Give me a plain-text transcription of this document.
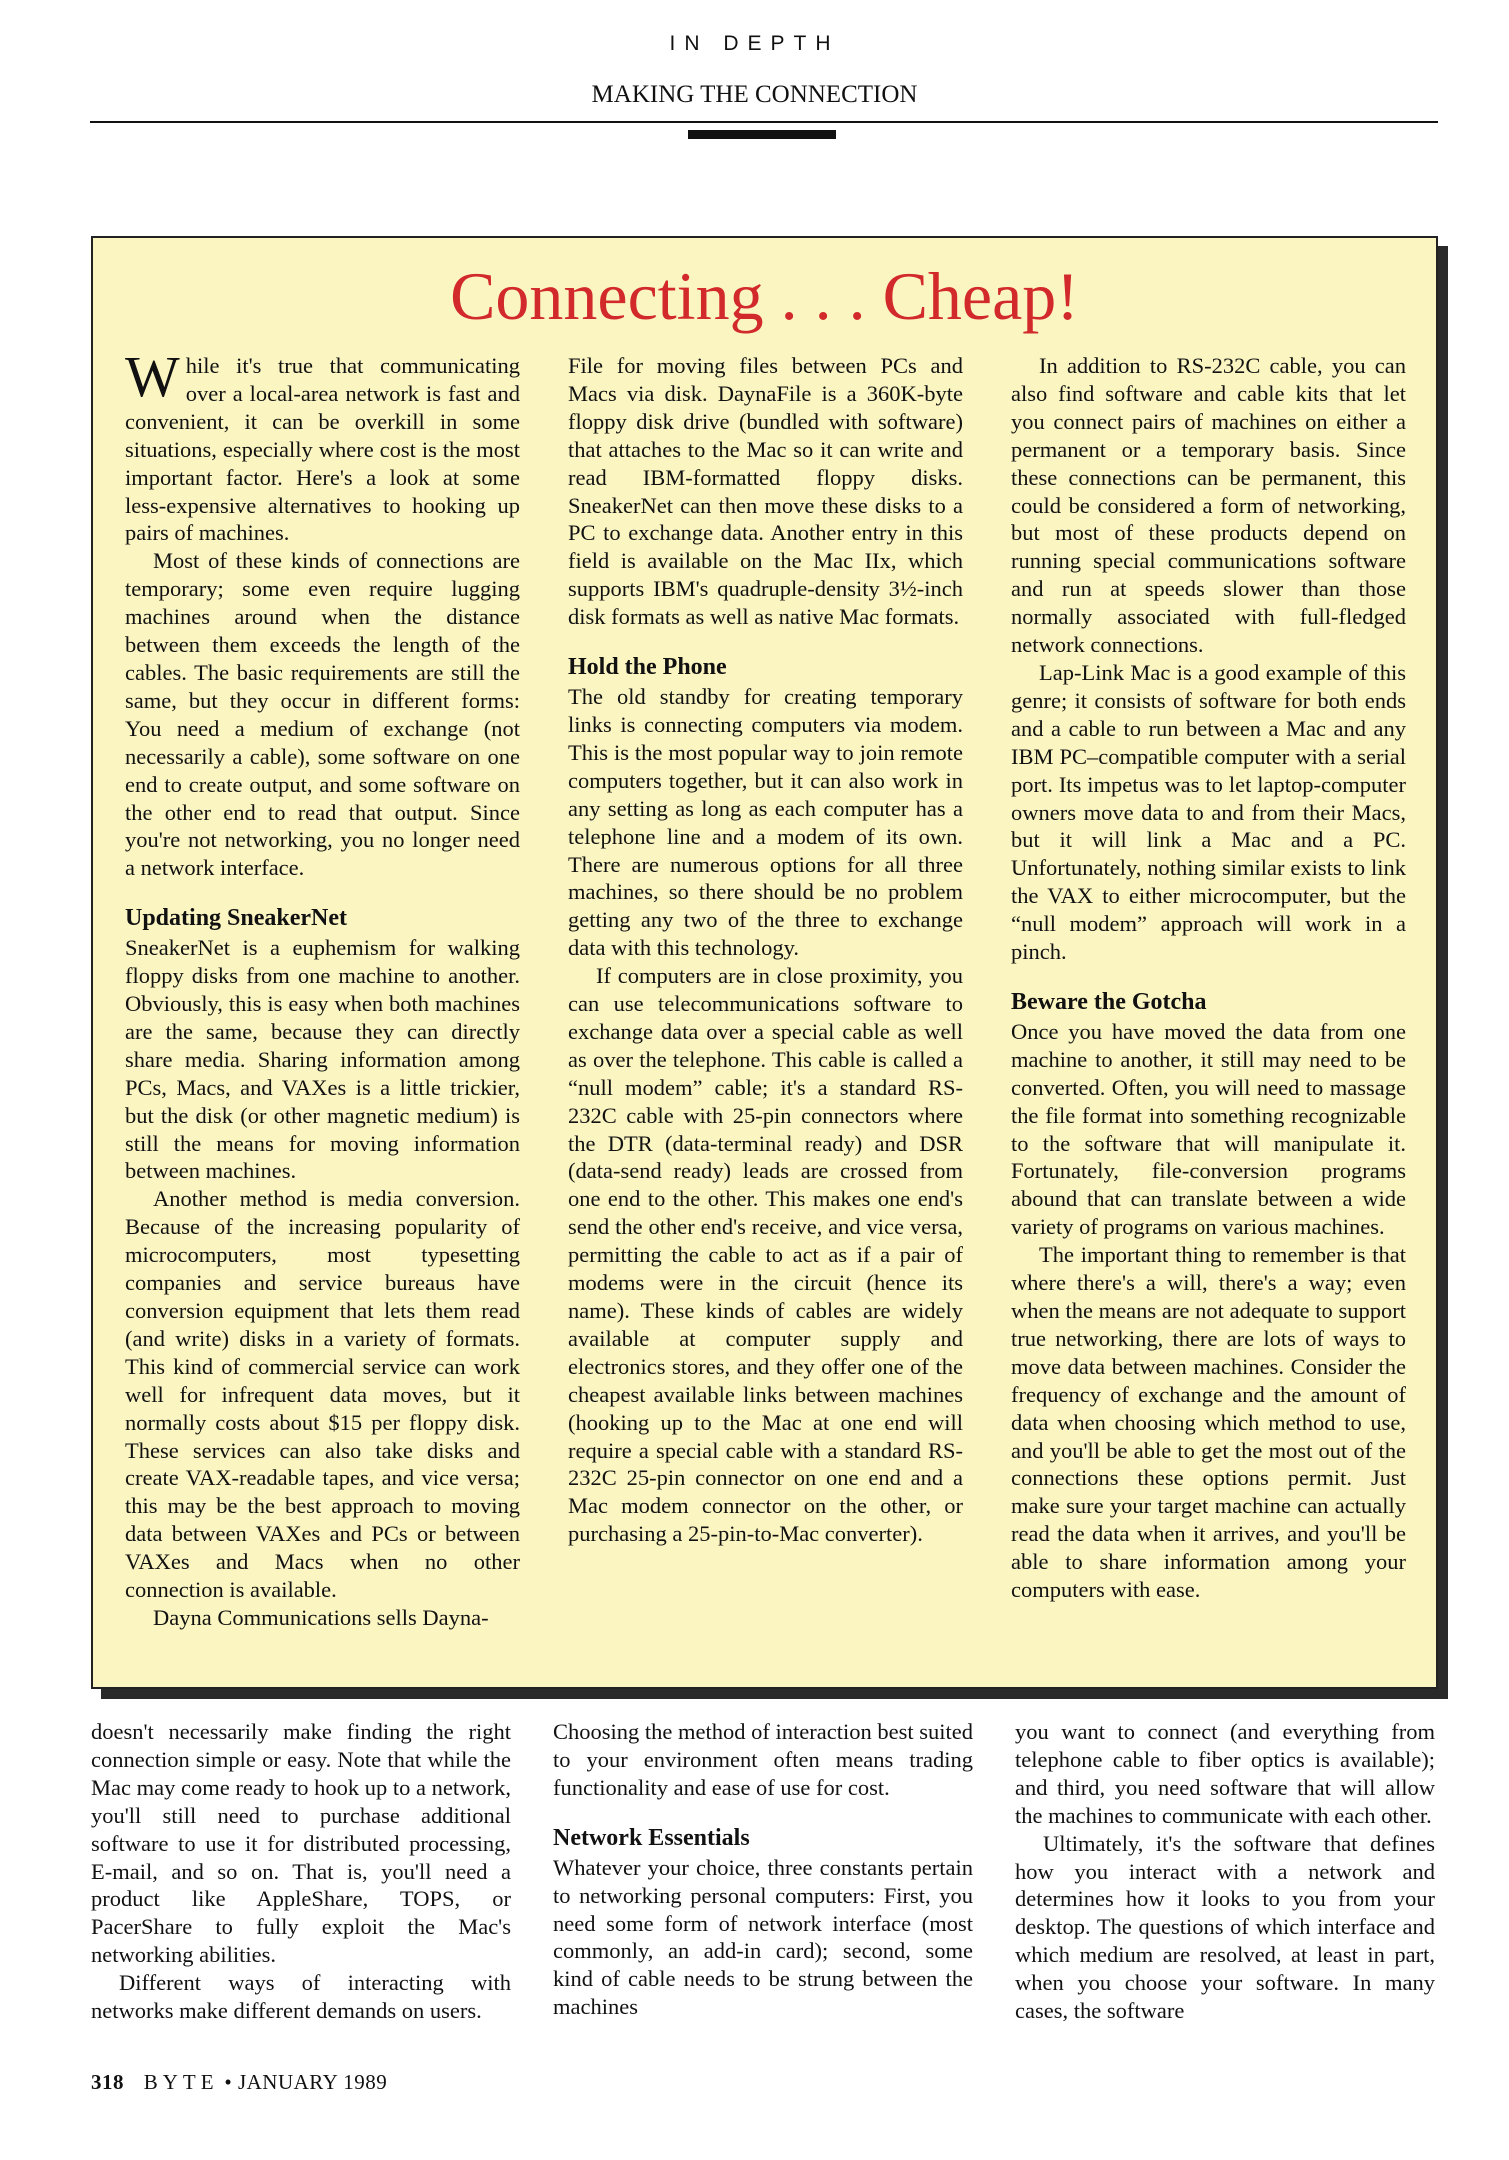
IN DEPTH
MAKING THE CONNECTION
Connecting . . . Cheap!

While it's true that communicating over a local-area network is fast and convenient, it can be overkill in some situations, especially where cost is the most important factor. Here's a look at some less-expensive alternatives to hooking up pairs of machines.

Most of these kinds of connections are temporary; some even require lugging machines around when the distance between them exceeds the length of the cables. The basic requirements are still the same, but they occur in different forms: You need a medium of exchange (not necessarily a cable), some software on one end to create output, and some software on the other end to read that output. Since you're not networking, you no longer need a network interface.

Updating SneakerNet

SneakerNet is a euphemism for walking floppy disks from one machine to another. Obviously, this is easy when both machines are the same, because they can directly share media. Sharing information among PCs, Macs, and VAXes is a little trickier, but the disk (or other magnetic medium) is still the means for moving information between machines.

Another method is media conversion. Because of the increasing popularity of microcomputers, most typesetting companies and service bureaus have conversion equipment that lets them read (and write) disks in a variety of formats. This kind of commercial service can work well for infrequent data moves, but it normally costs about $15 per floppy disk. These services can also take disks and create VAX-readable tapes, and vice versa; this may be the best approach to moving data between VAXes and PCs or between VAXes and Macs when no other connection is available.

Dayna Communications sells Dayna-

File for moving files between PCs and Macs via disk. DaynaFile is a 360K-byte floppy disk drive (bundled with software) that attaches to the Mac so it can write and read IBM-formatted floppy disks. SneakerNet can then move these disks to a PC to exchange data. Another entry in this field is available on the Mac IIx, which supports IBM's quadruple-density 3½-inch disk formats as well as native Mac formats.

Hold the Phone

The old standby for creating temporary links is connecting computers via modem. This is the most popular way to join remote computers together, but it can also work in any setting as long as each computer has a telephone line and a modem of its own. There are numerous options for all three machines, so there should be no problem getting any two of the three to exchange data with this technology.

If computers are in close proximity, you can use telecommunications software to exchange data over a special cable as well as over the telephone. This cable is called a “null modem” cable; it's a standard RS-232C cable with 25-pin connectors where the DTR (data-terminal ready) and DSR (data-send ready) leads are crossed from one end to the other. This makes one end's send the other end's receive, and vice versa, permitting the cable to act as if a pair of modems were in the circuit (hence its name). These kinds of cables are widely available at computer supply and electronics stores, and they offer one of the cheapest available links between machines (hooking up to the Mac at one end will require a special cable with a standard RS-232C 25-pin connector on one end and a Mac modem connector on the other, or purchasing a 25-pin-to-Mac converter).

In addition to RS-232C cable, you can also find software and cable kits that let you connect pairs of machines on either a permanent or a temporary basis. Since these connections can be permanent, this could be considered a form of networking, but most of these products depend on running special communications software and run at speeds slower than those normally associated with full-fledged network connections.

Lap-Link Mac is a good example of this genre; it consists of software for both ends and a cable to run between a Mac and any IBM PC–compatible computer with a serial port. Its impetus was to let laptop-computer owners move data to and from their Macs, but it will link a Mac and a PC. Unfortunately, nothing similar exists to link the VAX to either microcomputer, but the “null modem” approach will work in a pinch.

Beware the Gotcha

Once you have moved the data from one machine to another, it still may need to be converted. Often, you will need to massage the file format into something recognizable to the software that will manipulate it. Fortunately, file-conversion programs abound that can translate between a wide variety of programs on various machines.

The important thing to remember is that where there's a will, there's a way; even when the means are not adequate to support true networking, there are lots of ways to move data between machines. Consider the frequency of exchange and the amount of data when choosing which method to use, and you'll be able to get the most out of the connections these options permit. Just make sure your target machine can actually read the data when it arrives, and you'll be able to share information among your computers with ease.

doesn't necessarily make finding the right connection simple or easy. Note that while the Mac may come ready to hook up to a network, you'll still need to purchase additional software to use it for distributed processing, E-mail, and so on. That is, you'll need a product like AppleShare, TOPS, or PacerShare to fully exploit the Mac's networking abilities.

Different ways of interacting with networks make different demands on users.

Choosing the method of interaction best suited to your environment often means trading functionality and ease of use for cost.

Network Essentials

Whatever your choice, three constants pertain to networking personal computers: First, you need some form of network interface (most commonly, an add-in card); second, some kind of cable needs to be strung between the machines

you want to connect (and everything from telephone cable to fiber optics is available); and third, you need software that will allow the machines to communicate with each other.

Ultimately, it's the software that defines how you interact with a network and determines how it looks to you from your desktop. The questions of which interface and which medium are resolved, at least in part, when you choose your software. In many cases, the software

318 BYTE • JANUARY 1989
